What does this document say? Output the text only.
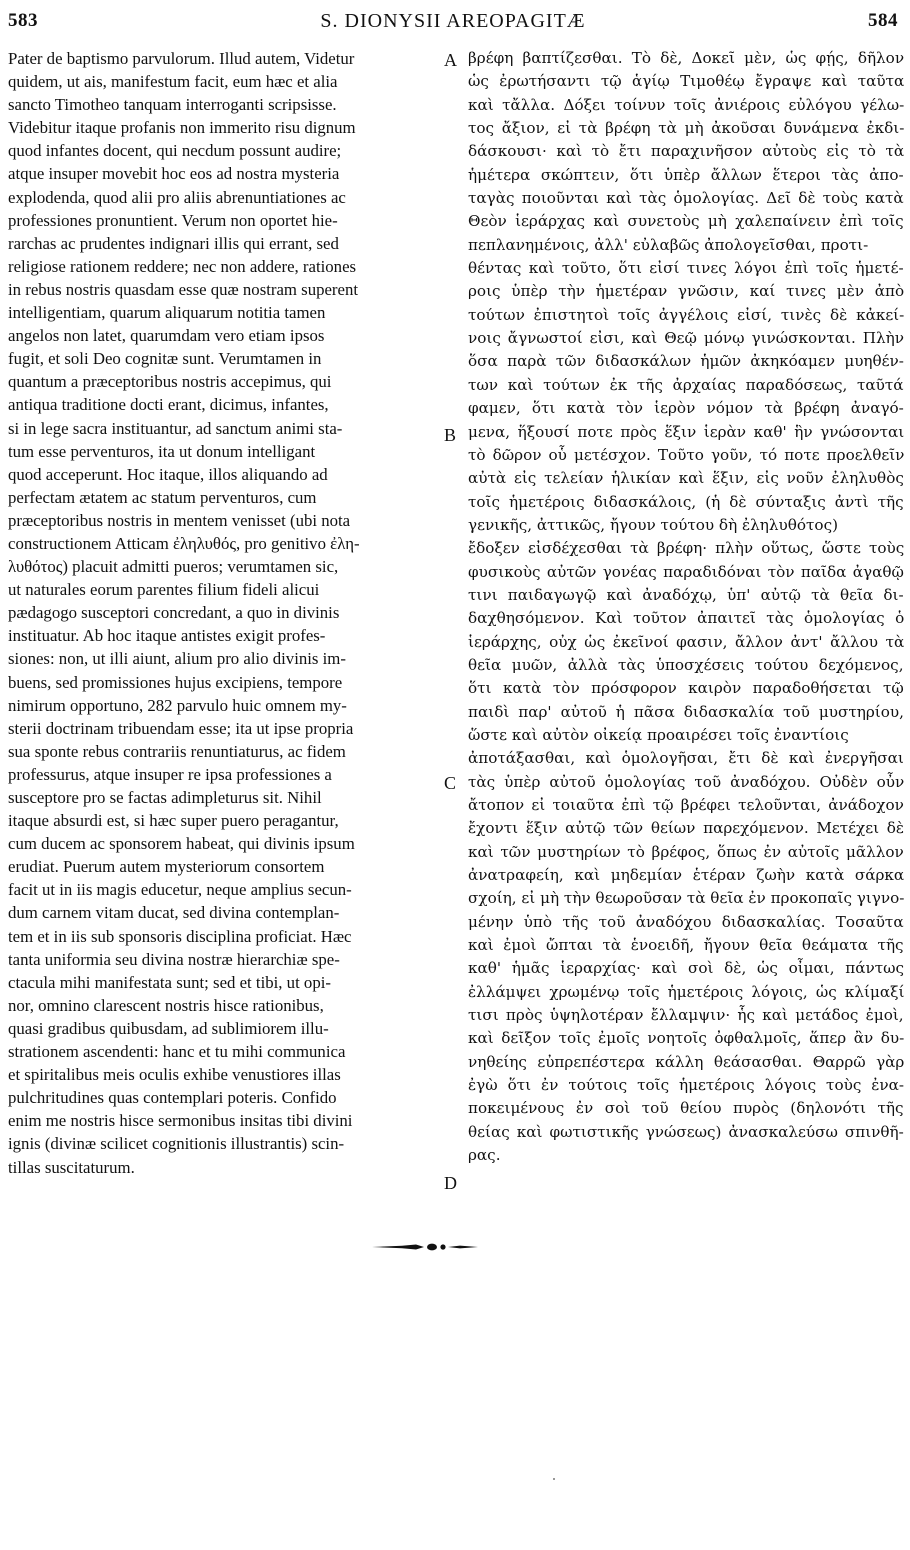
583	S. DIONYSII AREOPAGITÆ	584
Pater de baptismo parvulorum. Illud autem, Videtur
quidem, ut ais, manifestum facit, eum hæc et alia
sancto Timotheo tanquam interroganti scripsisse.
Videbitur itaque profanis non immerito risu dignum
quod infantes docent, qui necdum possunt audire;
atque insuper movebit hoc eos ad nostra mysteria
explodenda, quod alii pro aliis abrenuntiationes ac
professiones pronuntient. Verum non oportet hie-
rarchas ac prudentes indignari illis qui errant, sed
religiose rationem reddere; nec non addere, rationes
in rebus nostris quasdam esse quæ nostram superent
intelligentiam, quarum aliquarum notitia tamen
angelos non latet, quarumdam vero etiam ipsos
fugit, et soli Deo cognitæ sunt. Verumtamen in
quantum a præceptoribus nostris accepimus, qui
antiqua traditione docti erant, dicimus, infantes,
si in lege sacra instituantur, ad sanctum animi sta-
tum esse perventuros, ita ut donum intelligant
quod acceperunt. Hoc itaque, illos aliquando ad
perfectam ætatem ac statum perventuros, cum
præceptoribus nostris in mentem venisset (ubi nota
constructionem Atticam ἐληλυθός, pro genitivo ἐλη-
λυθότος) placuit admitti pueros; verumtamen sic,
ut naturales eorum parentes filium fideli alicui
pædagogo susceptori concredant, a quo in divinis
instituatur. Ab hoc itaque antistes exigit profes-
siones: non, ut illi aiunt, alium pro alio divinis im-
buens, sed promissiones hujus excipiens, tempore
nimirum opportuno, 282 parvulo huic omnem my-
sterii doctrinam tribuendam esse; ita ut ipse propria
sua sponte rebus contrariis renuntiaturus, ac fidem
professurus, atque insuper re ipsa professiones a
susceptore pro se factas adimpleturus sit. Nihil
itaque absurdi est, si hæc super puero peragantur,
cum ducem ac sponsorem habeat, qui divinis ipsum
erudiat. Puerum autem mysteriorum consortem
facit ut in iis magis educetur, neque amplius secun-
dum carnem vitam ducat, sed divina contemplan-
tem et in iis sub sponsoris disciplina proficiat. Hæc
tanta uniformia seu divina nostræ hierarchiæ spe-
ctacula mihi manifestata sunt; sed et tibi, ut opi-
nor, omnino clarescent nostris hisce rationibus,
quasi gradibus quibusdam, ad sublimiorem illu-
strationem ascendenti: hanc et tu mihi communica
et spiritalibus meis oculis exhibe venustiores illas
pulchritudines quas contemplari poteris. Confido
enim me nostris hisce sermonibus insitas tibi divini
ignis (divinæ scilicet cognitionis illustrantis) scin-
tillas suscitaturum.
A
B
C
D
βρέφη βαπτίζεσθαι. Τὸ δὲ, Δοκεῖ μὲν, ὡς φῄς, δῆλον
ὡς ἐρωτήσαντι τῷ ἁγίῳ Τιμοθέῳ ἔγραψε καὶ ταῦτα
καὶ τἄλλα. Δόξει τοίνυν τοῖς ἀνιέροις εὐλόγου γέλω-
τος ἄξιον, εἰ τὰ βρέφη τὰ μὴ ἀκοῦσαι δυνάμενα ἐκδι-
δάσκουσι· καὶ τὸ ἔτι παραχινῆσον αὐτοὺς εἰς τὸ τὰ
ἡμέτερα σκώπτειν, ὅτι ὑπὲρ ἄλλων ἕτεροι τὰς ἀπο-
ταγὰς ποιοῦνται καὶ τὰς ὁμολογίας. Δεῖ δὲ τοὺς κατὰ
Θεὸν ἱεράρχας καὶ συνετοὺς μὴ χαλεπαίνειν ἐπὶ τοῖς
πεπλανημένοις, ἀλλ' εὐλαβῶς ἀπολογεῖσθαι, προτι-
θέντας καὶ τοῦτο, ὅτι εἰσί τινες λόγοι ἐπὶ τοῖς ἡμετέ-
ροις ὑπὲρ τὴν ἡμετέραν γνῶσιν, καί τινες μὲν ἀπὸ
τούτων ἐπιστητοὶ τοῖς ἀγγέλοις εἰσί, τινὲς δὲ κἀκεί-
νοις ἄγνωστοί εἰσι, καὶ Θεῷ μόνῳ γινώσκονται. Πλὴν
ὅσα παρὰ τῶν διδασκάλων ἡμῶν ἀκηκόαμεν μυηθέν-
των καὶ τούτων ἐκ τῆς ἀρχαίας παραδόσεως, ταῦτά
φαμεν, ὅτι κατὰ τὸν ἱερὸν νόμον τὰ βρέφη ἀναγό-
μενα, ἥξουσί ποτε πρὸς ἕξιν ἱερὰν καθ' ἣν γνώσονται
τὸ δῶρον οὗ μετέσχον. Τοῦτο γοῦν, τό ποτε προελθεῖν
αὐτὰ εἰς τελείαν ἡλικίαν καὶ ἕξιν, εἰς νοῦν ἐληλυθὸς
τοῖς ἡμετέροις διδασκάλοις, (ἡ δὲ σύνταξις ἀντὶ τῆς
γενικῆς, ἀττικῶς, ἤγουν τούτου δὴ ἐληλυθότος)
ἔδοξεν εἰσδέχεσθαι τὰ βρέφη· πλὴν οὕτως, ὥστε τοὺς
φυσικοὺς αὐτῶν γονέας παραδιδόναι τὸν παῖδα ἀγαθῷ
τινι παιδαγωγῷ καὶ ἀναδόχῳ, ὑπ' αὐτῷ τὰ θεῖα δι-
δαχθησόμενον. Καὶ τοῦτον ἀπαιτεῖ τὰς ὁμολογίας ὁ
ἱεράρχης, οὐχ ὡς ἐκεῖνοί φασιν, ἄλλον ἀντ' ἄλλου τὰ
θεῖα μυῶν, ἀλλὰ τὰς ὑποσχέσεις τούτου δεχόμενος,
ὅτι κατὰ τὸν πρόσφορον καιρὸν παραδοθήσεται τῷ
παιδὶ παρ' αὐτοῦ ἡ πᾶσα διδασκαλία τοῦ μυστηρίου,
ὥστε καὶ αὐτὸν οἰκείᾳ προαιρέσει τοῖς ἐναντίοις
ἀποτάξασθαι, καὶ ὁμολογῆσαι, ἔτι δὲ καὶ ἐνεργῆσαι
τὰς ὑπὲρ αὐτοῦ ὁμολογίας τοῦ ἀναδόχου. Οὐδὲν οὖν
ἄτοπον εἰ τοιαῦτα ἐπὶ τῷ βρέφει τελοῦνται, ἀνάδοχον
ἔχοντι ἕξιν αὐτῷ τῶν θείων παρεχόμενον. Μετέχει δὲ
καὶ τῶν μυστηρίων τὸ βρέφος, ὅπως ἐν αὐτοῖς μᾶλλον
ἀνατραφείη, καὶ μηδεμίαν ἑτέραν ζωὴν κατὰ σάρκα
σχοίη, εἰ μὴ τὴν θεωροῦσαν τὰ θεῖα ἐν προκοπαῖς γιγνο-
μένην ὑπὸ τῆς τοῦ ἀναδόχου διδασκαλίας. Τοσαῦτα
καὶ ἐμοὶ ὤπται τὰ ἑνοειδῆ, ἤγουν θεῖα θεάματα τῆς
καθ' ἡμᾶς ἱεραρχίας· καὶ σοὶ δὲ, ὡς οἶμαι, πάντως
ἐλλάμψει χρωμένῳ τοῖς ἡμετέροις λόγοις, ὡς κλίμαξί
τισι πρὸς ὑψηλοτέραν ἔλλαμψιν· ἧς καὶ μετάδος ἐμοὶ,
καὶ δεῖξον τοῖς ἐμοῖς νοητοῖς ὀφθαλμοῖς, ἅπερ ἂν δυ-
νηθείης εὐπρεπέστερα κάλλη θεάσασθαι. Θαρρῶ γὰρ
ἐγὼ ὅτι ἐν τούτοις τοῖς ἡμετέροις λόγοις τοὺς ἐνα-
ποκειμένους ἐν σοὶ τοῦ θείου πυρὸς (δηλονότι τῆς
θείας καὶ φωτιστικῆς γνώσεως) ἀνασκαλεύσω σπινθῆ-
ρας.
